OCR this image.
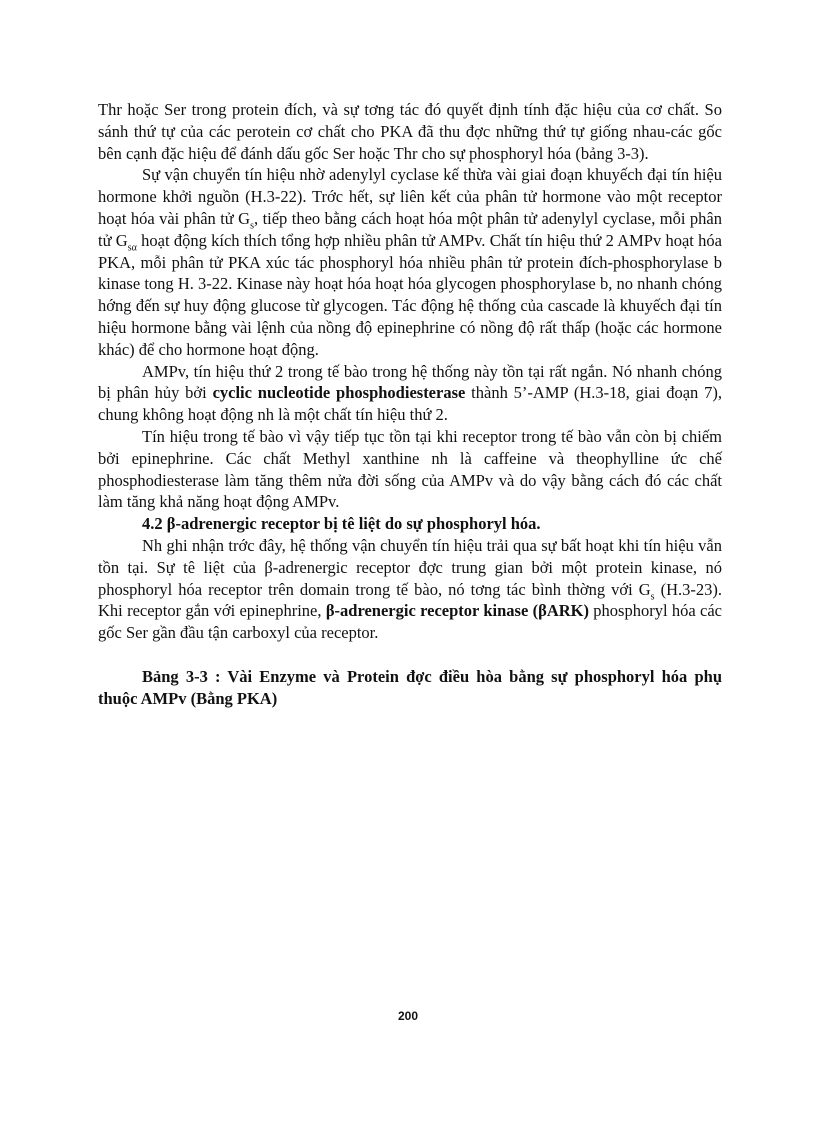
Thr hoặc Ser trong protein đích, và sự tơng tác đó quyết định tính đặc hiệu của cơ chất. So sánh thứ tự của các perotein cơ chất cho PKA đã thu đợc những thứ tự giống nhau-các gốc bên cạnh đặc hiệu để đánh dấu gốc Ser hoặc Thr cho sự phosphoryl hóa (bảng 3-3).

Sự vận chuyển tín hiệu nhờ adenylyl cyclase kế thừa vài giai đoạn khuyếch đại tín hiệu hormone khởi nguồn (H.3-22). Trớc hết, sự liên kết của phân tử hormone vào một receptor hoạt hóa vài phân tử $G_s$, tiếp theo bằng cách hoạt hóa một phân tử adenylyl cyclase, mỗi phân tử $G_{s\alpha}$ hoạt động kích thích tổng hợp nhiều phân tử AMPv. Chất tín hiệu thứ 2 AMPv hoạt hóa PKA, mỗi phân tử PKA xúc tác phosphoryl hóa nhiều phân tử protein đích-phosphorylase b kinase tong H. 3-22. Kinase này hoạt hóa hoạt hóa glycogen phosphorylase b, no nhanh chóng hớng đến sự huy động glucose từ glycogen. Tác động hệ thống của cascade là khuyếch đại tín hiệu hormone bằng vài lệnh của nồng độ epinephrine có nồng độ rất thấp (hoặc các hormone khác) để cho hormone hoạt động.

AMPv, tín hiệu thứ 2 trong tế bào trong hệ thống này tồn tại rất ngắn. Nó nhanh chóng bị phân hủy bởi cyclic nucleotide phosphodiesterase thành 5’-AMP (H.3-18, giai đoạn 7), chung không hoạt động nh là một chất tín hiệu thứ 2.

Tín hiệu trong tế bào vì vậy tiếp tục tồn tại khi receptor trong tế bào vẫn còn bị chiếm bởi epinephrine. Các chất Methyl xanthine nh là caffeine và theophylline ức chế phosphodiesterase làm tăng thêm nửa đời sống của AMPv và do vậy bằng cách đó các chất làm tăng khả năng hoạt động AMPv.

4.2 β-adrenergic receptor bị tê liệt do sự phosphoryl hóa.

Nh ghi nhận trớc đây, hệ thống vận chuyển tín hiệu trải qua sự bất hoạt khi tín hiệu vẫn tồn tại. Sự tê liệt của β-adrenergic receptor đợc trung gian bởi một protein kinase, nó phosphoryl hóa receptor trên domain trong tế bào, nó tơng tác bình thờng với $G_s$ (H.3-23). Khi receptor gắn với epinephrine, β-adrenergic receptor kinase (βARK) phosphoryl hóa các gốc Ser gần đầu tận carboxyl của receptor.

Bảng 3-3 : Vài Enzyme và Protein đợc điều hòa bằng sự phosphoryl hóa phụ thuộc AMPv (Bằng PKA)

200
